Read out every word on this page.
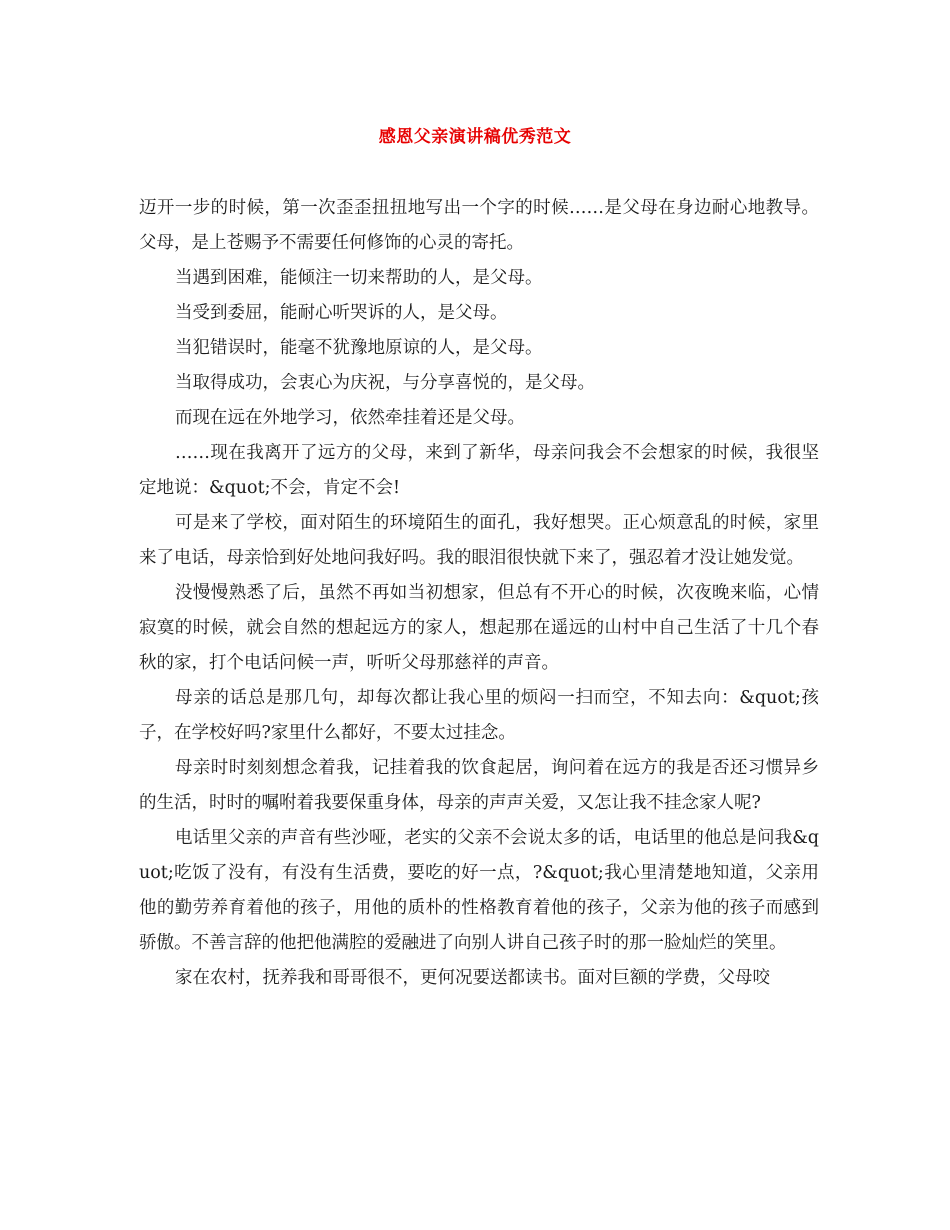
感恩父亲演讲稿优秀范文

迈开一步的时候，第一次歪歪扭扭地写出一个字的时候……是父母在身边耐心地教导。父母，是上苍赐予不需要任何修饰的心灵的寄托。

当遇到困难，能倾注一切来帮助的人，是父母。

当受到委屈，能耐心听哭诉的人，是父母。

当犯错误时，能毫不犹豫地原谅的人，是父母。

当取得成功，会衷心为庆祝，与分享喜悦的，是父母。

而现在远在外地学习，依然牵挂着还是父母。

……现在我离开了远方的父母，来到了新华，母亲问我会不会想家的时候，我很坚定地说：&quot;不会，肯定不会!

可是来了学校，面对陌生的环境陌生的面孔，我好想哭。正心烦意乱的时候，家里来了电话，母亲恰到好处地问我好吗。我的眼泪很快就下来了，强忍着才没让她发觉。

没慢慢熟悉了后，虽然不再如当初想家，但总有不开心的时候，次夜晚来临，心情寂寞的时候，就会自然的想起远方的家人，想起那在遥远的山村中自己生活了十几个春秋的家，打个电话问候一声，听听父母那慈祥的声音。

母亲的话总是那几句，却每次都让我心里的烦闷一扫而空，不知去向：&quot;孩子，在学校好吗?家里什么都好，不要太过挂念。

母亲时时刻刻想念着我，记挂着我的饮食起居，询问着在远方的我是否还习惯异乡的生活，时时的嘱咐着我要保重身体，母亲的声声关爱，又怎让我不挂念家人呢?

电话里父亲的声音有些沙哑，老实的父亲不会说太多的话，电话里的他总是问我&quot;吃饭了没有，有没有生活费，要吃的好一点，?&quot;我心里清楚地知道，父亲用他的勤劳养育着他的孩子，用他的质朴的性格教育着他的孩子，父亲为他的孩子而感到骄傲。不善言辞的他把他满腔的爱融进了向别人讲自己孩子时的那一脸灿烂的笑里。

家在农村，抚养我和哥哥很不，更何况要送都读书。面对巨额的学费，父母咬
